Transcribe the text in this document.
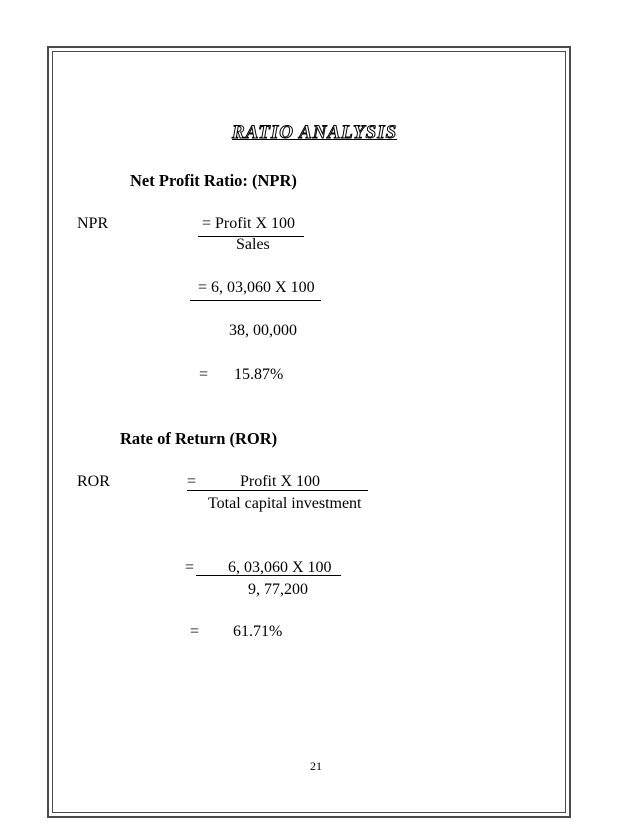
RATIO ANALYSIS
Net Profit Ratio: (NPR)
NPR	= Profit X 100
Sales
= 6, 03,060 X 100
38, 00,000
= 15.87%
Rate of Return (ROR)
ROR	=	Profit X 100
Total capital investment
= 6, 03,060 X 100
9, 77,200
= 61.71%
21
